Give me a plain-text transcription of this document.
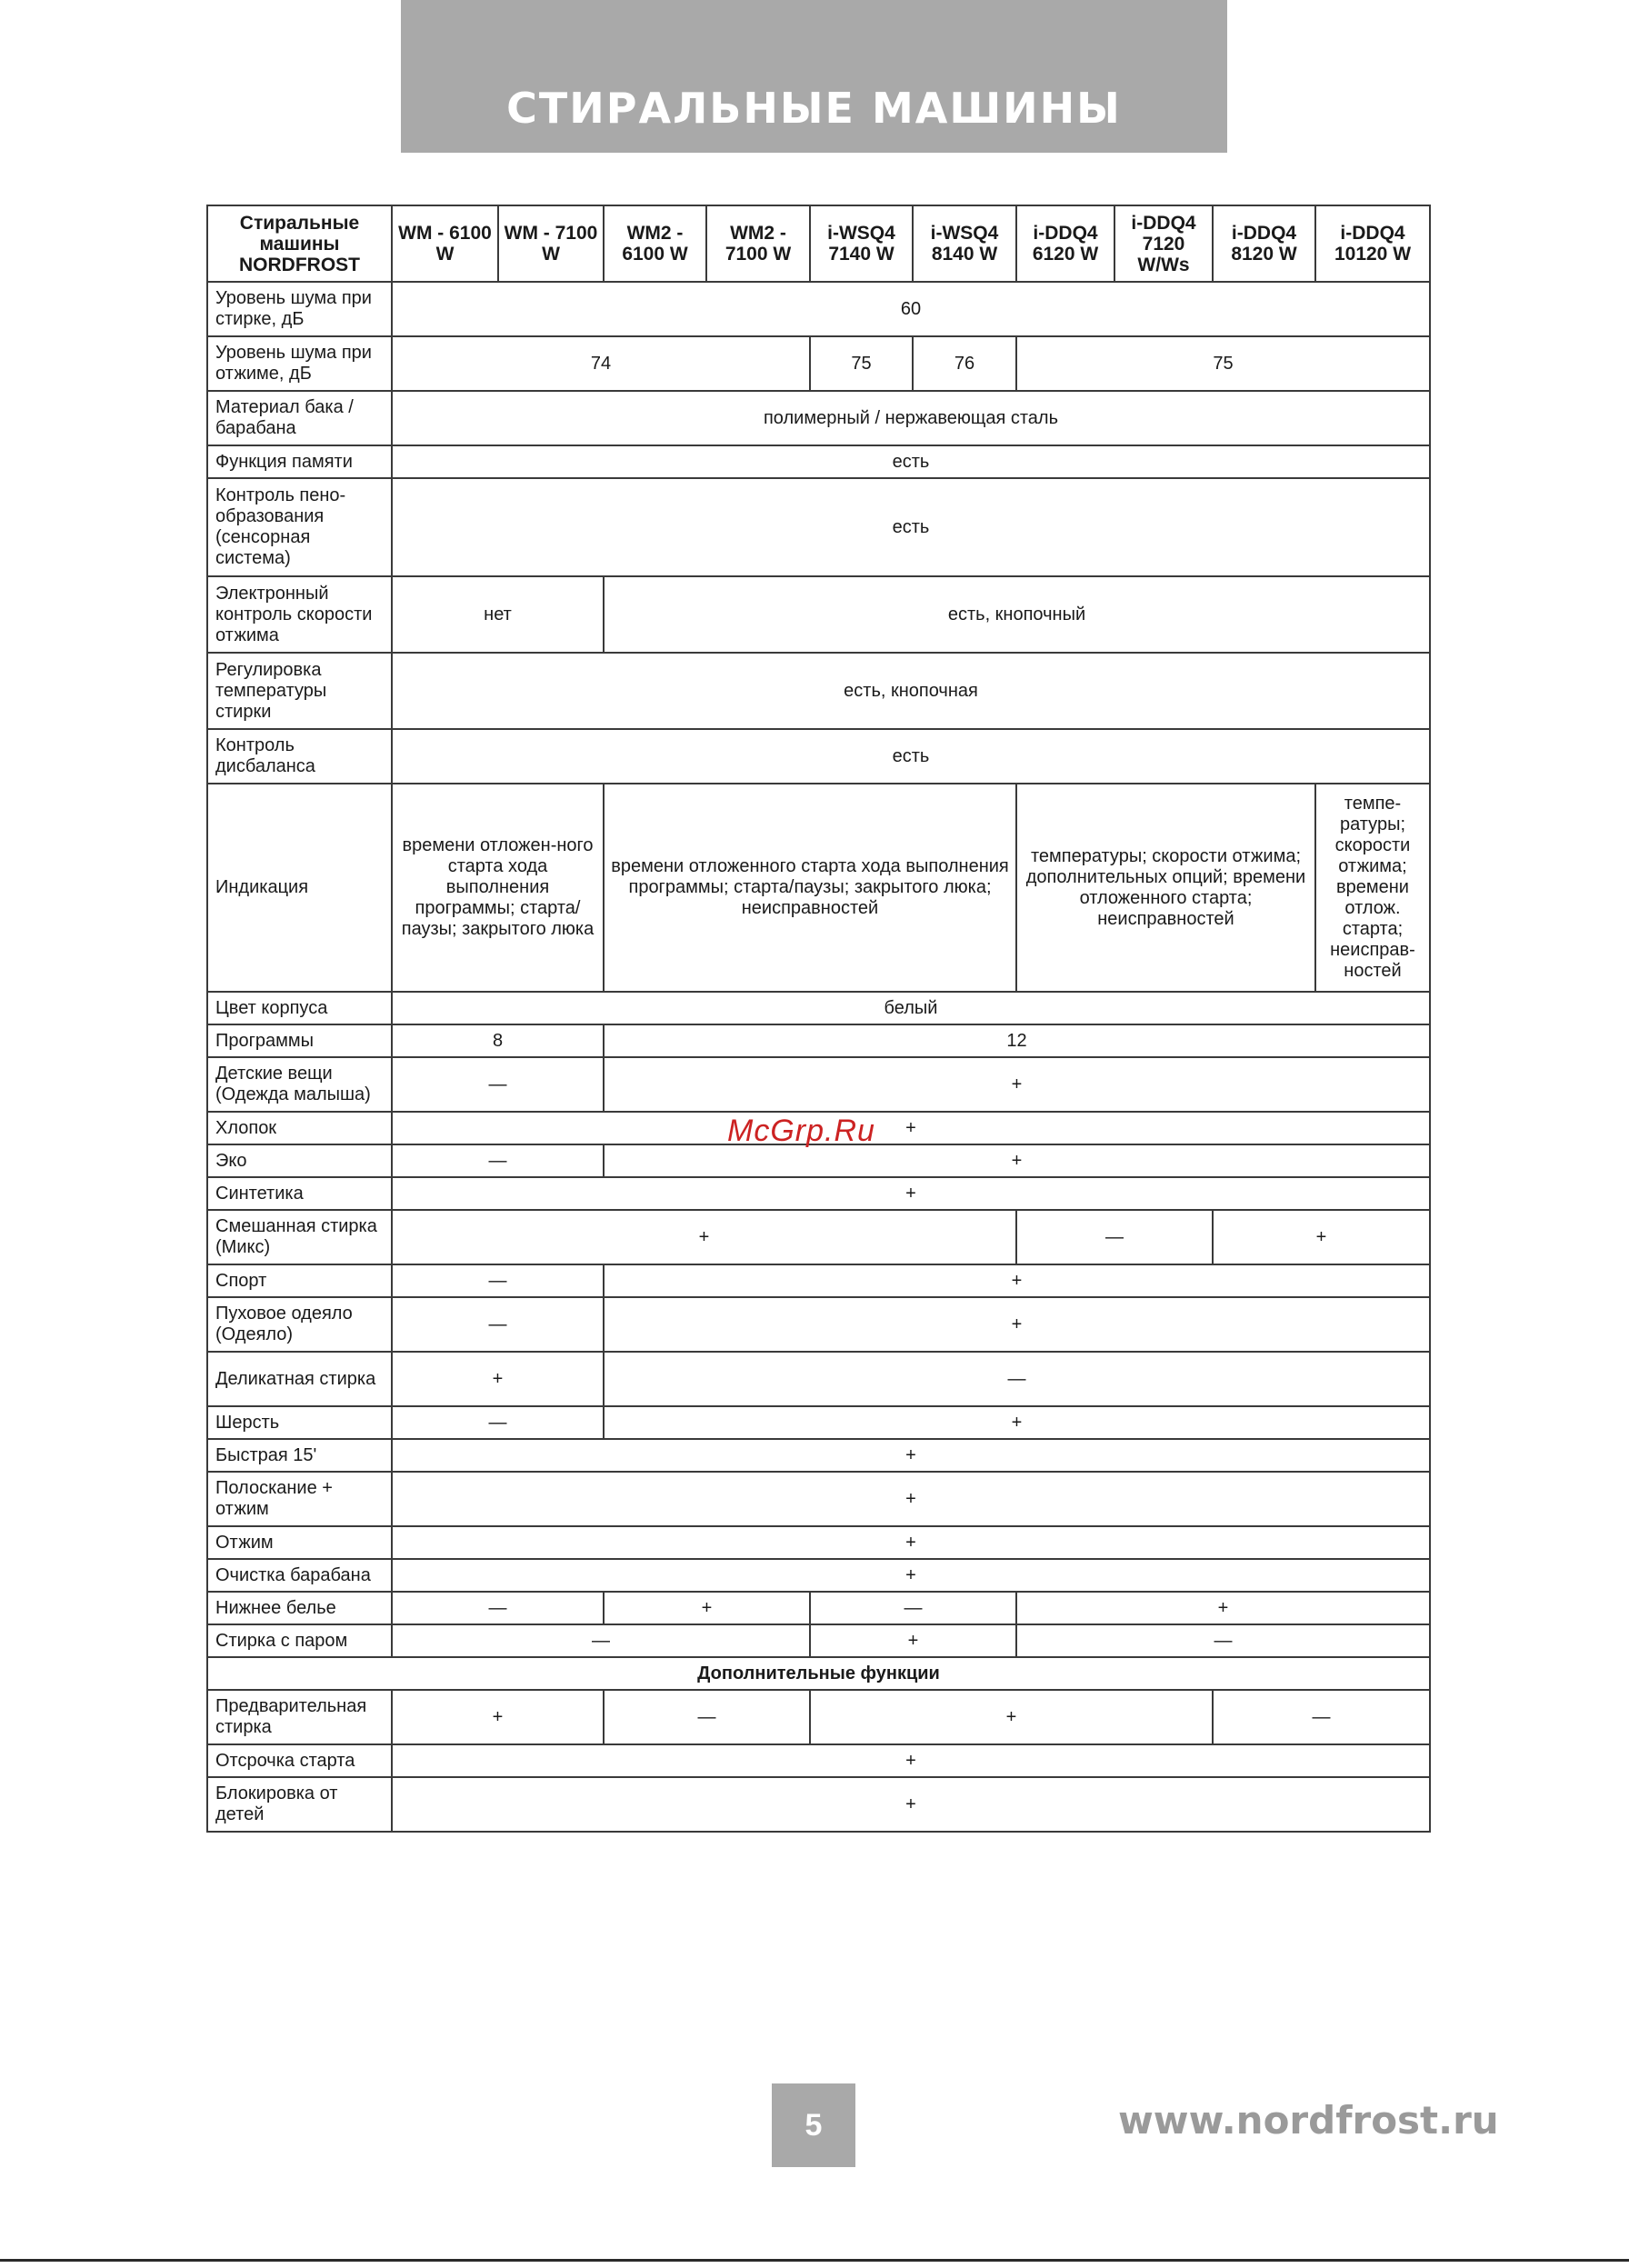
СТИРАЛЬНЫЕ МАШИНЫ
Стиральные машины NORDFROST	WM - 6100 W	WM - 7100 W	WM2 - 6100 W	WM2 - 7100 W	i-WSQ4 7140 W	i-WSQ4 8140 W	i-DDQ4 6120 W	i-DDQ4 7120 W/Ws	i-DDQ4 8120 W	i-DDQ4 10120 W
Уровень шума при стирке, дБ	60									
Уровень шума при отжиме, дБ	74				75	76	75			
Материал бака / барабана	полимерный / нержавеющая сталь									
Функция памяти	есть									
Контроль пено-образования (сенсорная система)	есть									
Электронный контроль скорости отжима	нет		есть, кнопочный							
Регулировка температуры стирки	есть, кнопочная									
Контроль дисбаланса	есть									
Индикация	времени отложен-ного старта хода выполнения программы; старта/паузы; закрытого люка		времени отложенного старта хода выполнения программы; старта/паузы; закрытого люка; неисправностей				температуры; скорости отжима; дополнительных опций; времени отложенного старта; неисправностей			темпе-ратуры; скорости отжима; времени отлож. старта; неисправ-ностей
Цвет корпуса	белый									
Программы	8		12							
Детские вещи (Одежда малыша)	—		+							
Хлопок	+									
Эко	—		+							
Синтетика	+									
Смешанная стирка (Микс)	+						—		+	
Спорт	—		+							
Пуховое одеяло (Одеяло)	—		+							
Деликатная стирка	+		—							
Шерсть	—		+							
Быстрая 15'	+									
Полоскание + отжим	+									
Отжим	+									
Очистка барабана	+									
Нижнее белье	—		+		—		+			
Стирка с паром	—				+		—			
Дополнительные функции										
Предварительная стирка	+		—		+				—	
Отсрочка старта	+									
Блокировка от детей	+									
McGrp.Ru
5	www.nordfrost.ru
